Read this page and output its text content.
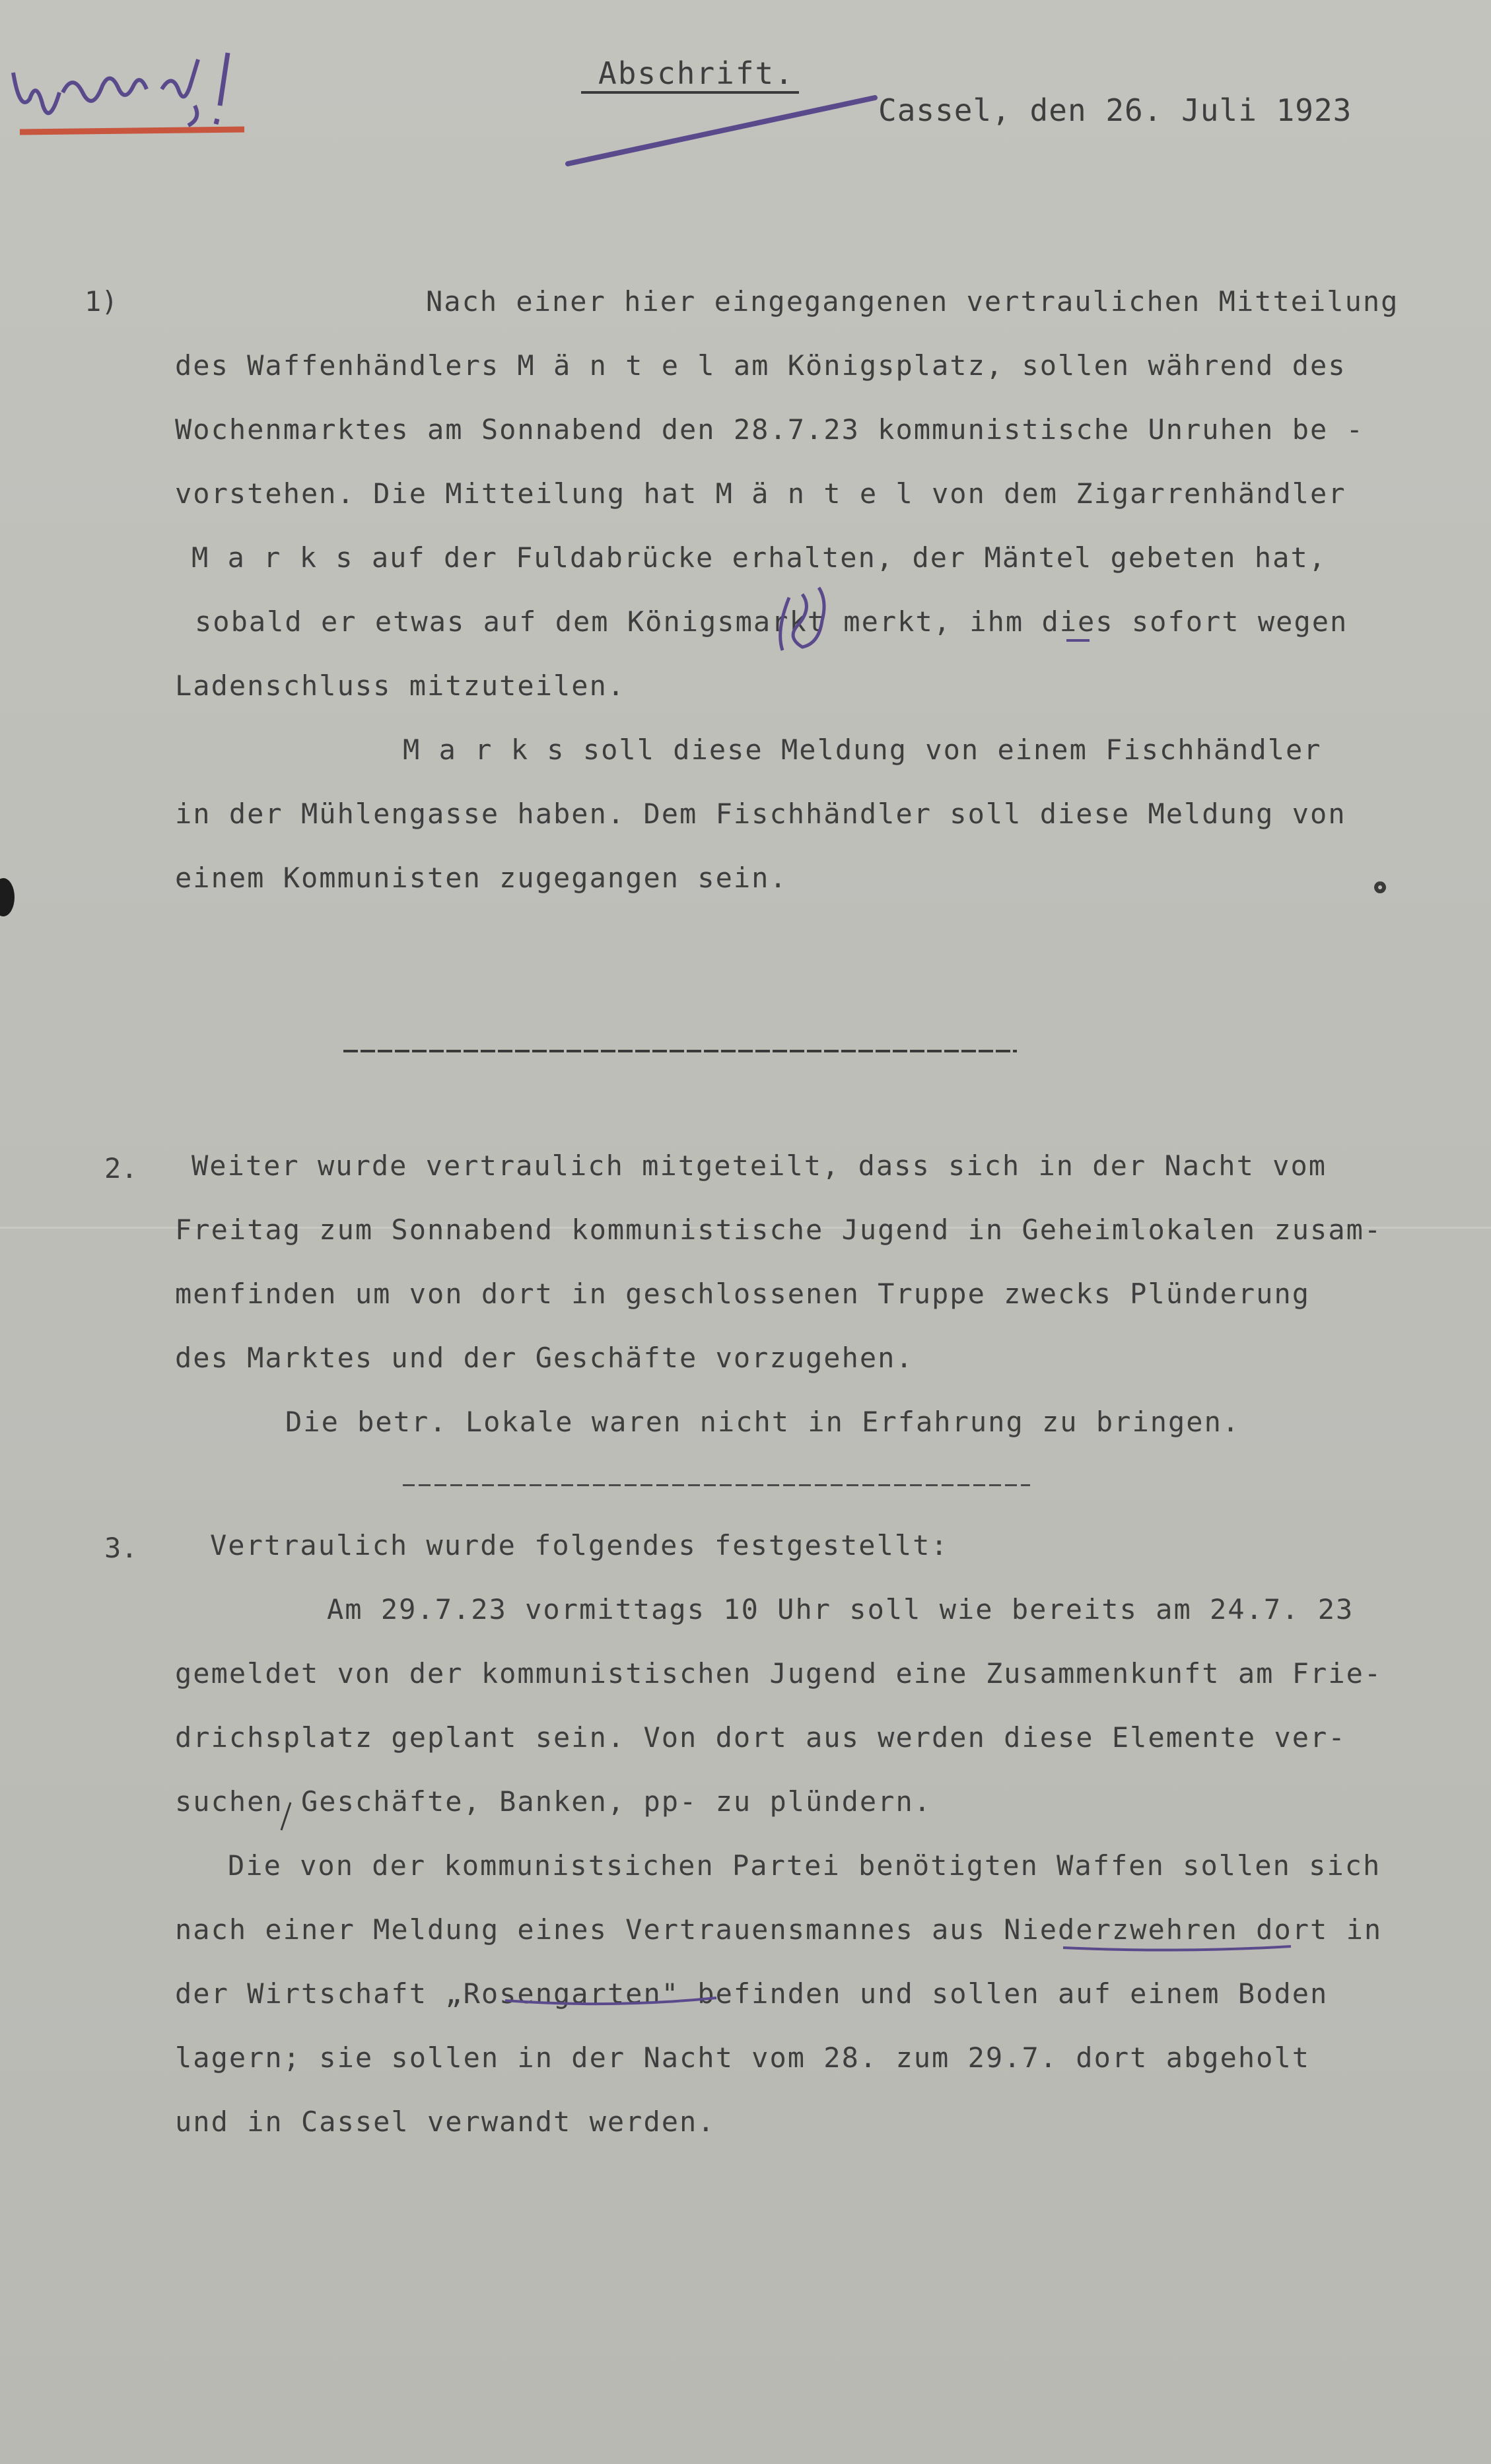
Abschrift.
Cassel, den 26. Juli 1923
1)	Nach einer hier eingegangenen vertraulichen Mitteilung
des Waffenhändlers M ä n t e l am Königsplatz, sollen während des
Wochenmarktes am Sonnabend den 28.7.23 kommunistische Unruhen be -
vorstehen. Die Mitteilung hat M ä n t e l von dem Zigarrenhändler
M a r k s auf der Fuldabrücke erhalten, der Mäntel gebeten hat,
sobald er etwas auf dem Königsmarkt merkt, ihm dies sofort wegen
Ladenschluss mitzuteilen.
M a r k s soll diese Meldung von einem Fischhändler
in der Mühlengasse haben. Dem Fischhändler soll diese Meldung von
einem Kommunisten zugegangen sein.
2. Weiter wurde vertraulich mitgeteilt, dass sich in der Nacht vom
Freitag zum Sonnabend kommunistische Jugend in Geheimlokalen zusam-
menfinden um von dort in geschlossenen Truppe zwecks Plünderung
des Marktes und der Geschäfte vorzugehen.
Die betr. Lokale waren nicht in Erfahrung zu bringen.
3.	Vertraulich wurde folgendes festgestellt:
Am 29.7.23 vormittags 10 Uhr soll wie bereits am 24.7. 23
gemeldet von der kommunistischen Jugend eine Zusammenkunft am Frie-
drichsplatz geplant sein. Von dort aus werden diese Elemente ver-
suchen Geschäfte, Banken, pp- zu plündern.
Die von der kommunistsichen Partei benötigten Waffen sollen sich
nach einer Meldung eines Vertrauensmannes aus Niederzwehren dort in
der Wirtschaft „Rosengarten" befinden und sollen auf einem Boden
lagern; sie sollen in der Nacht vom 28. zum 29.7. dort abgeholt
und in Cassel verwandt werden.
